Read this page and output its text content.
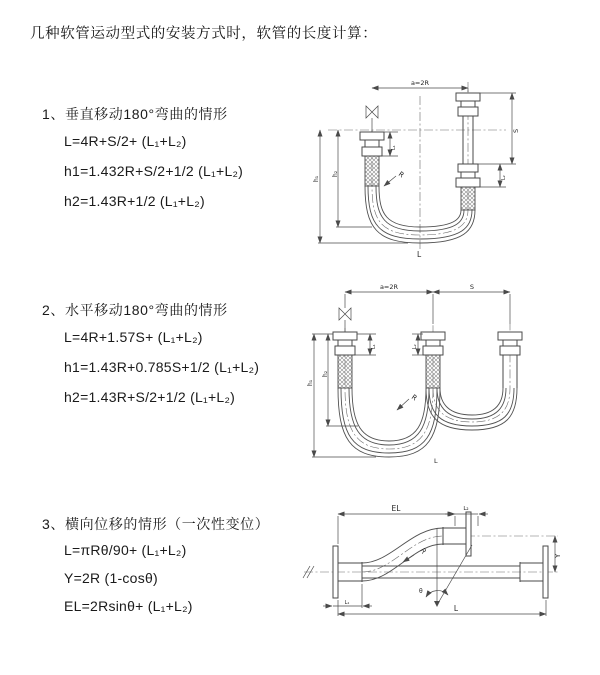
几种软管运动型式的安装方式时，软管的长度计算：
1、垂直移动180°弯曲的情形
L=4R+S/2+ (L₁+L₂)
h1=1.432R+S/2+1/2 (L₁+L₂)
h2=1.43R+1/2 (L₁+L₂)
2、水平移动180°弯曲的情形
L=4R+1.57S+ (L₁+L₂)
h1=1.43R+0.785S+1/2 (L₁+L₂)
h2=1.43R+S/2+1/2 (L₁+L₂)
3、横向位移的情形（一次性变位）
L=πRθ/90+ (L₁+L₂)
Y=2R (1-cosθ)
EL=2Rsinθ+ (L₁+L₂)
a=2R
h₁
h₂
L₁
S
L₂
R
L
a=2R	S
h₁
h₂
L₁	L₂
R
L
θ
R
EL	L₂
Y
L
L₁
